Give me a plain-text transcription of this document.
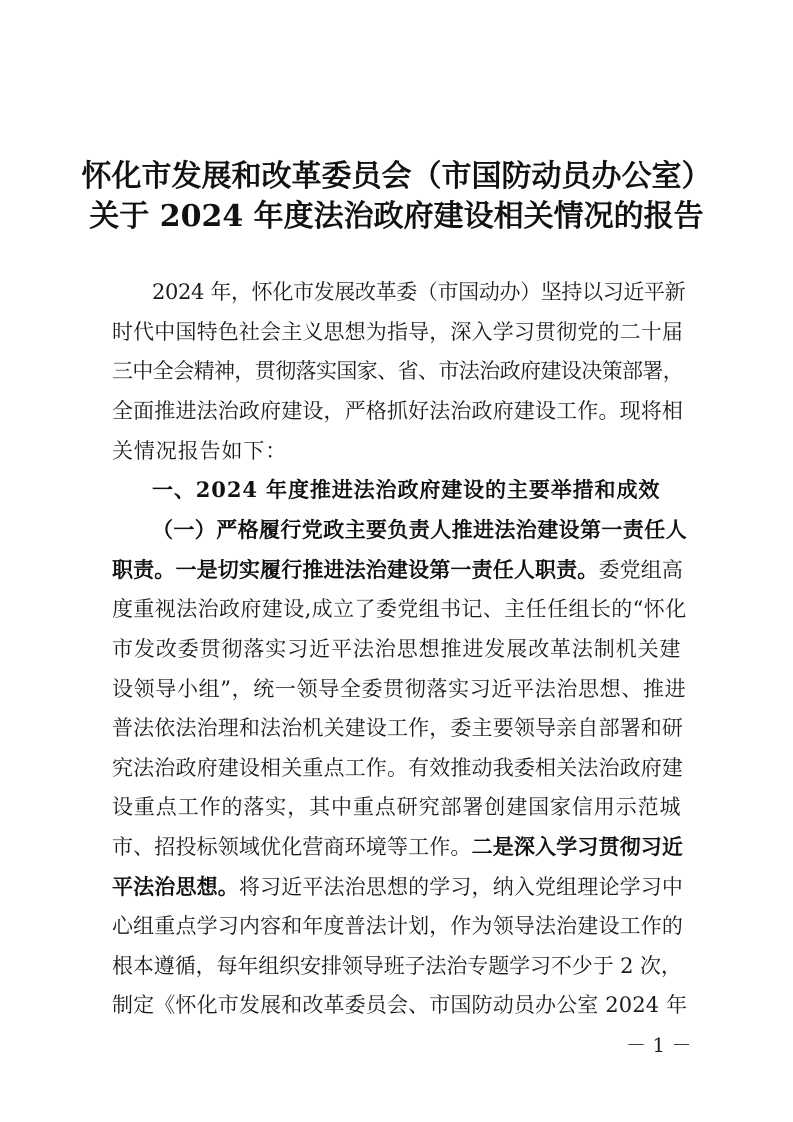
怀化市发展和改革委员会（市国防动员办公室）
关于 2024 年度法治政府建设相关情况的报告
2024 年，怀化市发展改革委（市国动办）坚持以习近平新
时代中国特色社会主义思想为指导，深入学习贯彻党的二十届
三中全会精神，贯彻落实国家、省、市法治政府建设决策部署，
全面推进法治政府建设，严格抓好法治政府建设工作。现将相
关情况报告如下：
一、2024 年度推进法治政府建设的主要举措和成效
（一）严格履行党政主要负责人推进法治建设第一责任人
职责。一是切实履行推进法治建设第一责任人职责。委党组高
度重视法治政府建设,成立了委党组书记、主任任组长的“怀化
市发改委贯彻落实习近平法治思想推进发展改革法制机关建
设领导小组”，统一领导全委贯彻落实习近平法治思想、推进
普法依法治理和法治机关建设工作，委主要领导亲自部署和研
究法治政府建设相关重点工作。有效推动我委相关法治政府建
设重点工作的落实，其中重点研究部署创建国家信用示范城
市、招投标领域优化营商环境等工作。二是深入学习贯彻习近
平法治思想。将习近平法治思想的学习，纳入党组理论学习中
心组重点学习内容和年度普法计划，作为领导法治建设工作的
根本遵循，每年组织安排领导班子法治专题学习不少于 2 次，
制定《怀化市发展和改革委员会、市国防动员办公室 2024 年
－ 1 －
